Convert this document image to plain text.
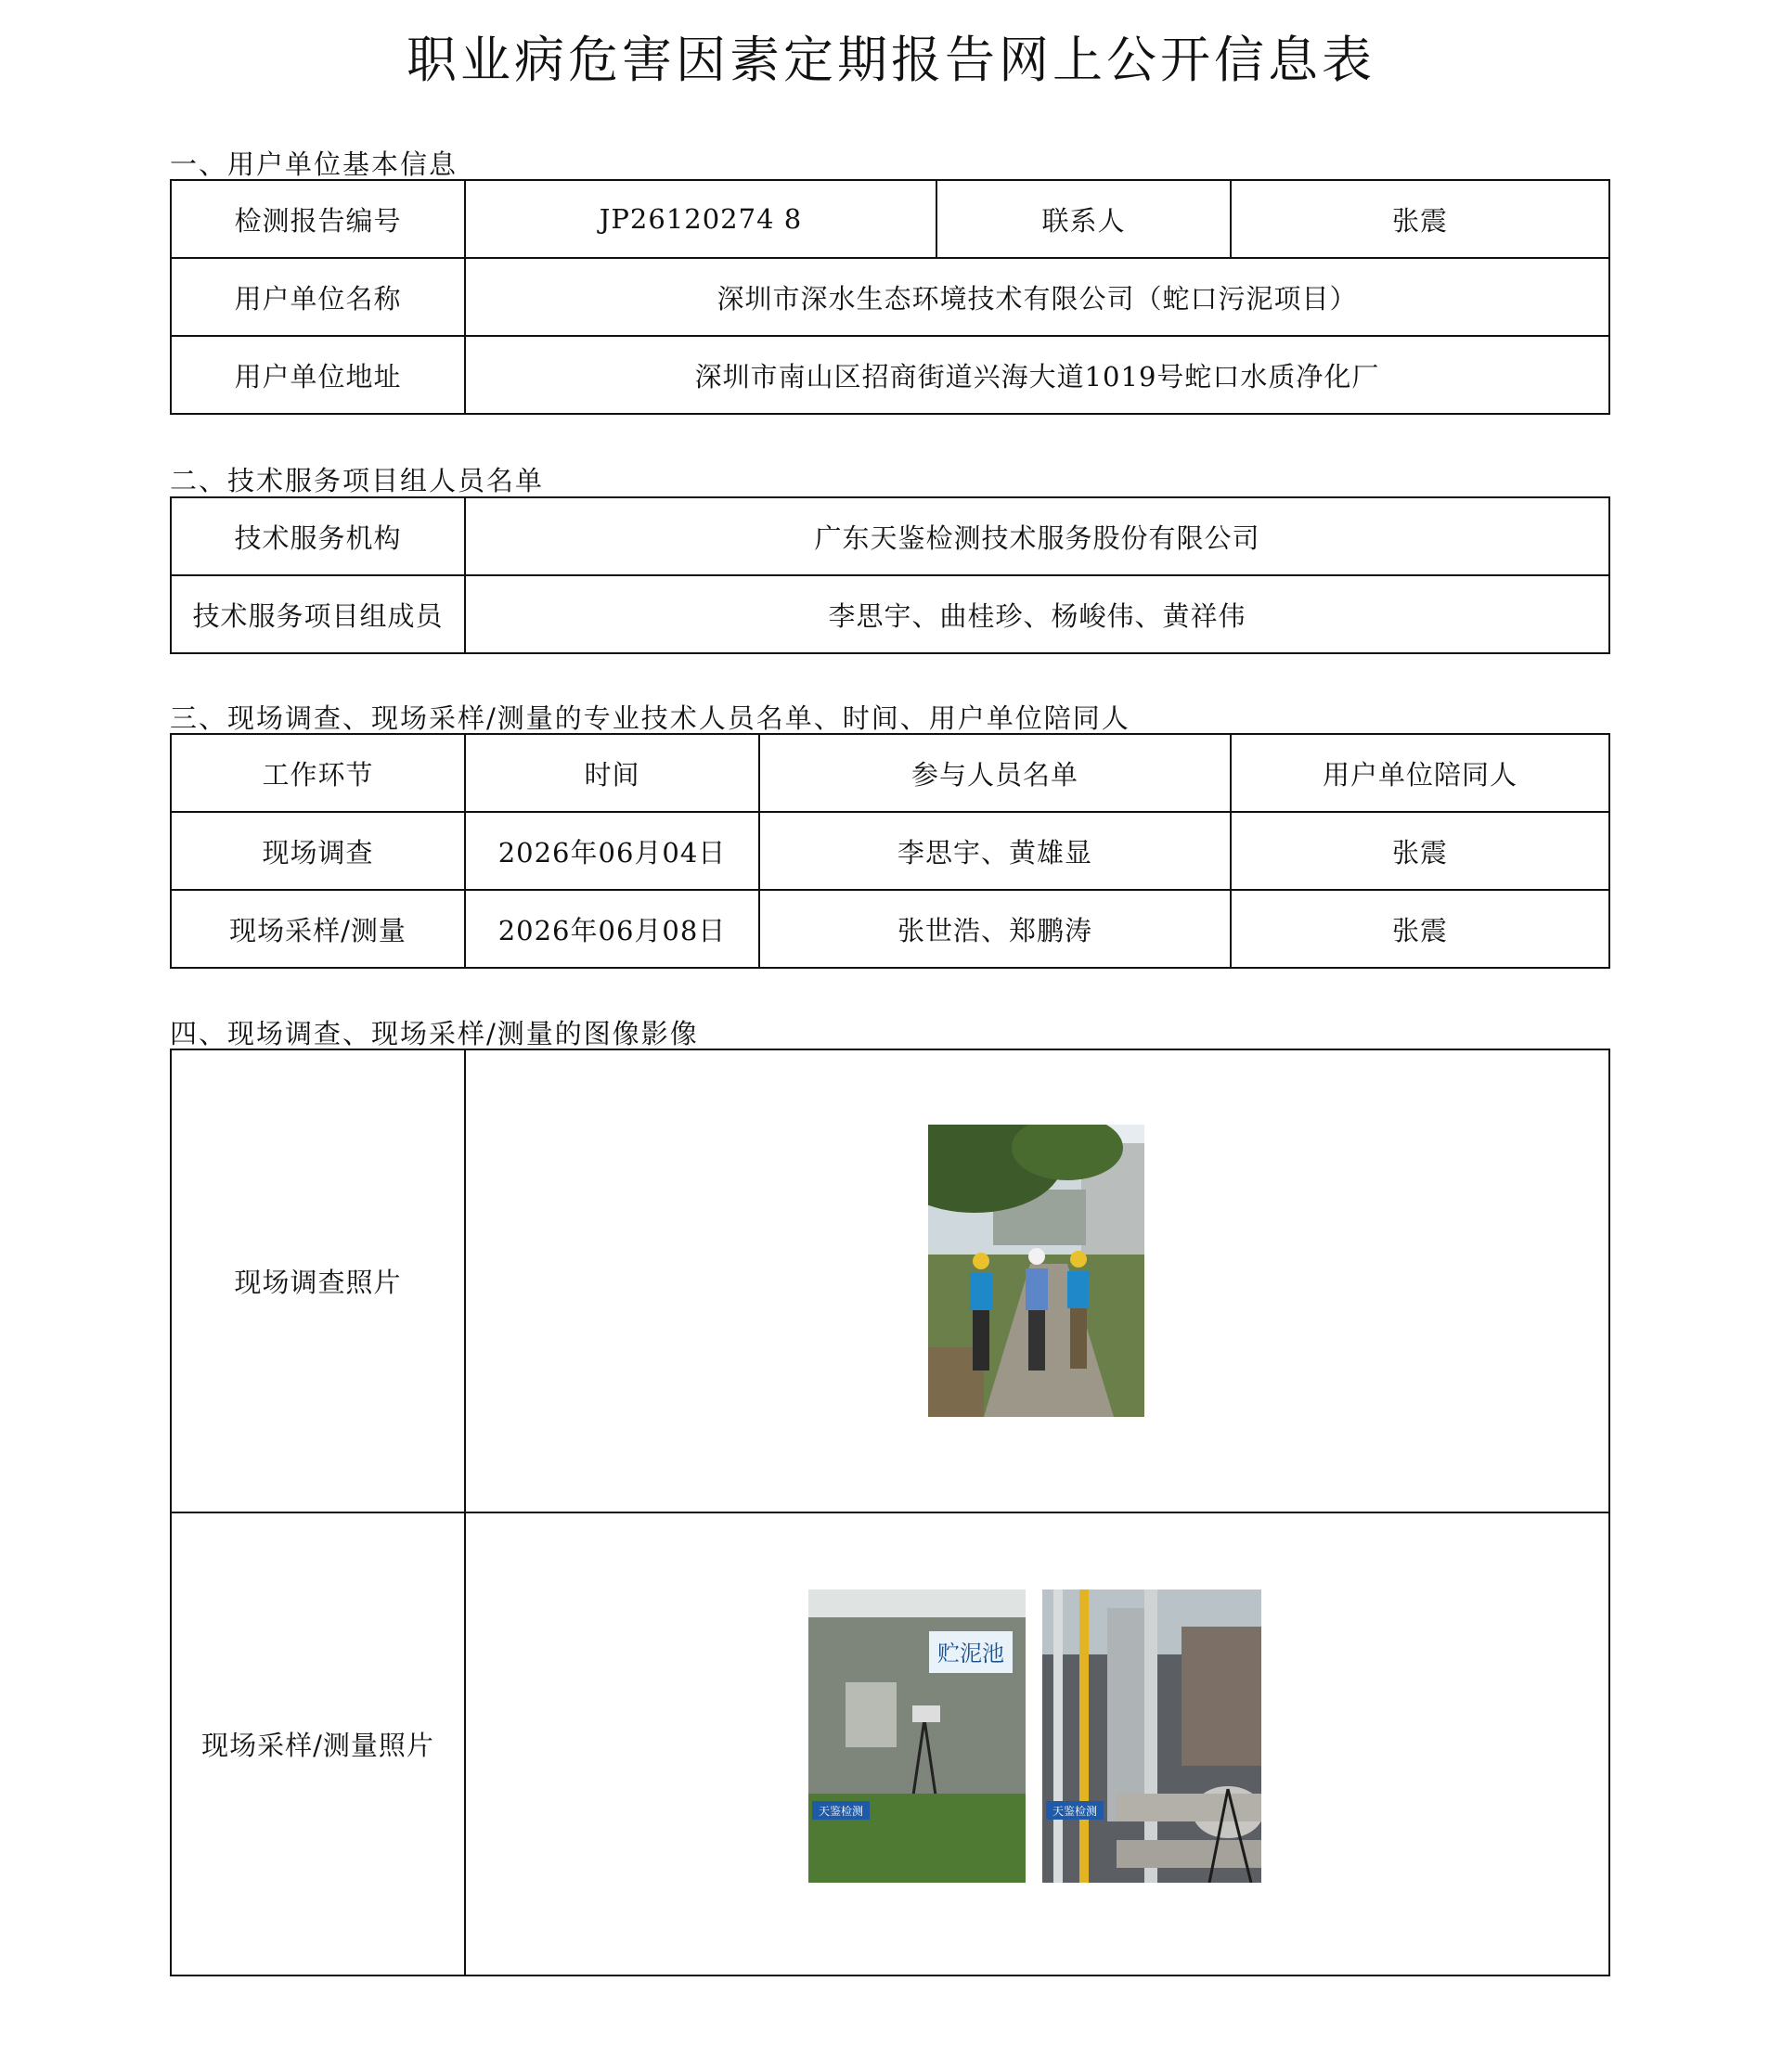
职业病危害因素定期报告网上公开信息表
一、用户单位基本信息
检测报告编号	JP26120274 8	联系人	张震
用户单位名称	深圳市深水生态环境技术有限公司（蛇口污泥项目）		
用户单位地址	深圳市南山区招商街道兴海大道1019号蛇口水质净化厂		
二、技术服务项目组人员名单
技术服务机构	广东天鉴检测技术服务股份有限公司
技术服务项目组成员	李思宇、曲桂珍、杨峻伟、黄祥伟
三、现场调查、现场采样/测量的专业技术人员名单、时间、用户单位陪同人
工作环节	时间	参与人员名单	用户单位陪同人
现场调查	2026年06月04日	李思宇、黄雄显	张震
现场采样/测量	2026年06月08日	张世浩、郑鹏涛	张震
四、现场调查、现场采样/测量的图像影像
现场调查照片	
现场采样/测量照片	
贮泥池
天鉴检测	天鉴检测
